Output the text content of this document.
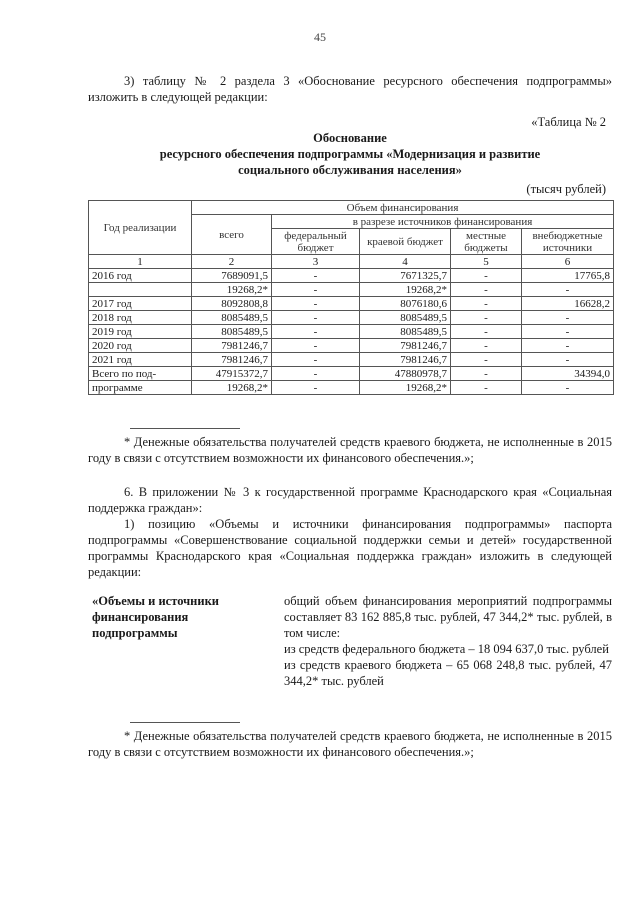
45
3) таблицу № 2 раздела 3 «Обоснование ресурсного обеспечения подпрограммы» изложить в следующей редакции:
«Таблица № 2
Обоснование
ресурсного обеспечения подпрограммы «Модернизация и развитие
социального обслуживания населения»
(тысяч рублей)
Год реализации	Объем финансирования				
	всего	в разрезе источников финансирования			
		федеральный бюджет	краевой бюджет	местные бюджеты	внебюджетные источники
1	2	3	4	5	6
2016 год	7689091,5	-	7671325,7	-	17765,8
	19268,2*	-	19268,2*	-	-
2017 год	8092808,8	-	8076180,6	-	16628,2
2018 год	8085489,5	-	8085489,5	-	-
2019 год	8085489,5	-	8085489,5	-	-
2020 год	7981246,7	-	7981246,7	-	-
2021 год	7981246,7	-	7981246,7	-	-
Всего по под-	47915372,7	-	47880978,7	-	34394,0
программе	19268,2*	-	19268,2*	-	-
* Денежные обязательства получателей средств краевого бюджета, не исполненные в 2015 году в связи с отсутствием возможности их финансового обеспечения.»;
6. В приложении № 3 к государственной программе Краснодарского края «Социальная поддержка граждан»:
1) позицию «Объемы и источники финансирования подпрограммы» паспорта подпрограммы «Совершенствование социальной поддержки семьи и детей» государственной программы Краснодарского края «Социальная поддержка граждан» изложить в следующей редакции:
«Объемы и источники финансирования подпрограммы
общий объем финансирования мероприятий подпрограммы составляет 83 162 885,8 тыс. рублей, 47 344,2* тыс. рублей, в том числе:
из средств федерального бюджета – 18 094 637,0 тыс. рублей
из средств краевого бюджета – 65 068 248,8 тыс. рублей, 47 344,2* тыс. рублей
* Денежные обязательства получателей средств краевого бюджета, не исполненные в 2015 году в связи с отсутствием возможности их финансового обеспечения.»;
